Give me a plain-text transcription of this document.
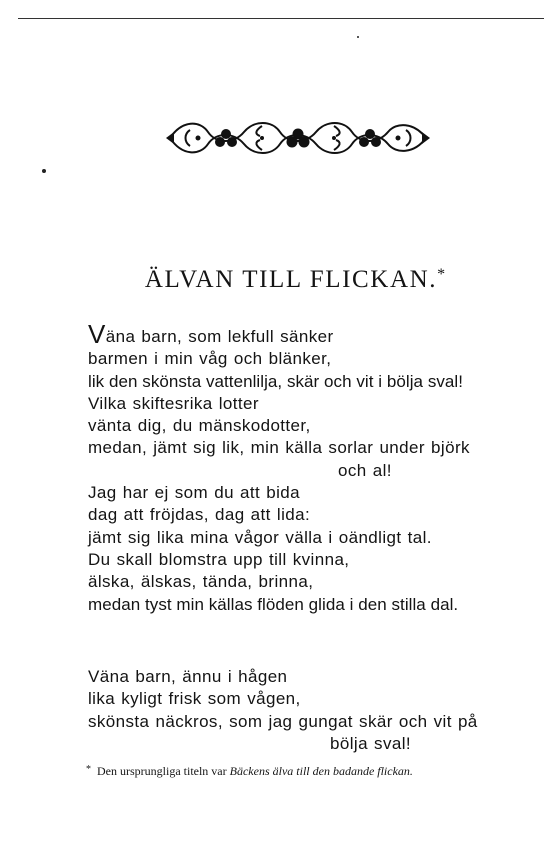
ÄLVAN TILL FLICKAN.*
Väna barn, som lekfull sänker
barmen i min våg och blänker,
lik den skönsta vattenlilja, skär och vit i bölja sval!
Vilka skiftesrika lotter
vänta dig, du mänskodotter,
medan, jämt sig lik, min källa sorlar under björk
och al!
Jag har ej som du att bida
dag att fröjdas, dag att lida:
jämt sig lika mina vågor välla i oändligt tal.
Du skall blomstra upp till kvinna,
älska, älskas, tända, brinna,
medan tyst min källas flöden glida i den stilla dal.
Väna barn, ännu i hågen
lika kyligt frisk som vågen,
skönsta näckros, som jag gungat skär och vit på
bölja sval!
* Den ursprungliga titeln var Bäckens älva till den badande flickan.
